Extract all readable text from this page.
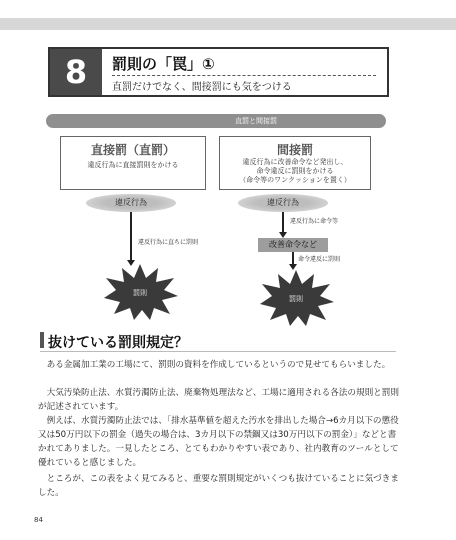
8	罰則の「罠」①
直罰だけでなく、間接罰にも気をつける
直罰と間接罰
直接罰（直罰）
違反行為に直接罰則をかける
間接罰
違反行為に改善命令など発出し、
命令違反に罰則をかける
（命令等のワンクッションを置く）
違反行為	違反行為
違反行為に直ちに罰則
違反行為に命令等
改善命令など
命令違反に罰則
罰則
罰則
抜けている罰則規定？
　ある金属加工業の工場にて、罰則の資料を作成しているというので見せてもらいました。
　大気汚染防止法、水質汚濁防止法、廃棄物処理法など、工場に適用される各法の規則と罰則が記述されています。
　例えば、水質汚濁防止法では、「排水基準値を超えた汚水を排出した場合→6カ月以下の懲役又は50万円以下の罰金（過失の場合は、3カ月以下の禁錮又は30万円以下の罰金）」などと書かれてありました。一見したところ、とてもわかりやすい表であり、社内教育のツールとして優れていると感じました。
　ところが、この表をよく見てみると、重要な罰則規定がいくつも抜けていることに気づきました。
84
